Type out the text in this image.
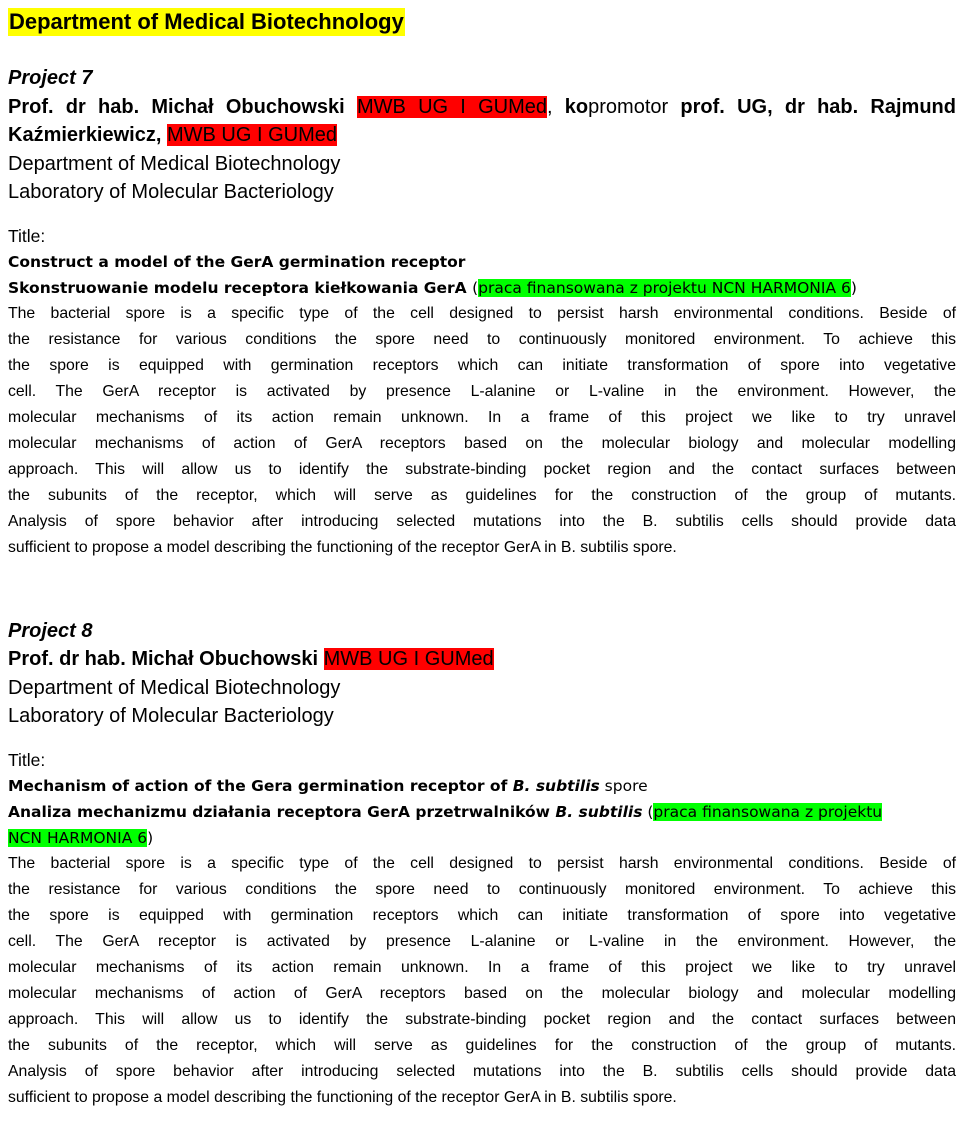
Department of Medical Biotechnology
Project 7
Prof. dr hab. Michał Obuchowski MWB UG I GUMed, kopromotor prof. UG, dr hab. Rajmund
Kaźmierkiewicz, MWB UG I GUMed
Department of Medical Biotechnology
Laboratory of Molecular Bacteriology
Title:
Construct a model of the GerA germination receptor
Skonstruowanie modelu receptora kiełkowania GerA (praca finansowana z projektu NCN HARMONIA 6)
The bacterial spore is a specific type of the cell designed to persist harsh environmental conditions. Beside of
the resistance for various conditions the spore need to continuously monitored environment. To achieve this
the spore is equipped with germination receptors which can initiate transformation of spore into vegetative
cell. The GerA receptor is activated by presence L-alanine or L-valine in the environment. However, the
molecular mechanisms of its action remain unknown. In a frame of this project we like to try unravel
molecular mechanisms of action of GerA receptors based on the molecular biology and molecular modelling
approach. This will allow us to identify the substrate-binding pocket region and the contact surfaces between
the subunits of the receptor, which will serve as guidelines for the construction of the group of mutants.
Analysis of spore behavior after introducing selected mutations into the B. subtilis cells should provide data
sufficient to propose a model describing the functioning of the receptor GerA in B. subtilis spore.
Project 8
Prof. dr hab. Michał Obuchowski MWB UG I GUMed
Department of Medical Biotechnology
Laboratory of Molecular Bacteriology
Title:
Mechanism of action of the Gera germination receptor of B. subtilis spore
Analiza mechanizmu działania receptora GerA przetrwalników B. subtilis (praca finansowana z projektu
NCN HARMONIA 6)
The bacterial spore is a specific type of the cell designed to persist harsh environmental conditions. Beside of
the resistance for various conditions the spore need to continuously monitored environment. To achieve this
the spore is equipped with germination receptors which can initiate transformation of spore into vegetative
cell. The GerA receptor is activated by presence L-alanine or L-valine in the environment. However, the
molecular mechanisms of its action remain unknown. In a frame of this project we like to try unravel
molecular mechanisms of action of GerA receptors based on the molecular biology and molecular modelling
approach. This will allow us to identify the substrate-binding pocket region and the contact surfaces between
the subunits of the receptor, which will serve as guidelines for the construction of the group of mutants.
Analysis of spore behavior after introducing selected mutations into the B. subtilis cells should provide data
sufficient to propose a model describing the functioning of the receptor GerA in B. subtilis spore.
